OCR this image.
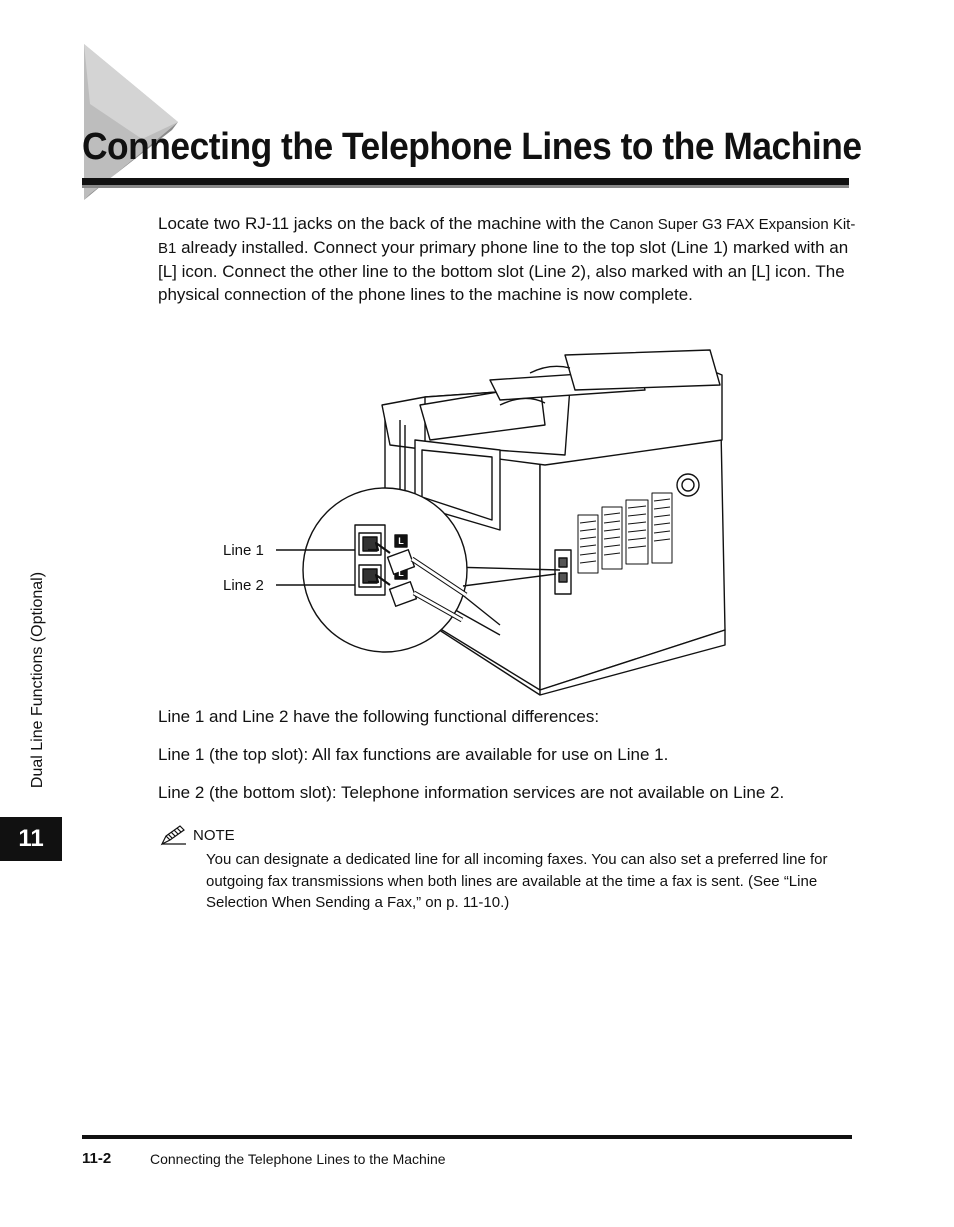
Connecting the Telephone Lines to the Machine
Locate two RJ-11 jacks on the back of the machine with the Canon Super G3 FAX Expansion Kit-B1 already installed. Connect your primary phone line to the top slot (Line 1) marked with an [L] icon. Connect the other line to the bottom slot (Line 2), also marked with an [L] icon. The physical connection of the phone lines to the machine is now complete.
Line 1
Line 2
L
L
Line 1 and Line 2 have the following functional differences:
Line 1 (the top slot): All fax functions are available for use on Line 1.
Line 2 (the bottom slot): Telephone information services are not available on Line 2.
NOTE
You can designate a dedicated line for all incoming faxes. You can also set a preferred line for outgoing fax transmissions when both lines are available at the time a fax is sent. (See “Line Selection When Sending a Fax,” on p. 11-10.)
Dual Line Functions (Optional)
11
11-2	Connecting the Telephone Lines to the Machine
